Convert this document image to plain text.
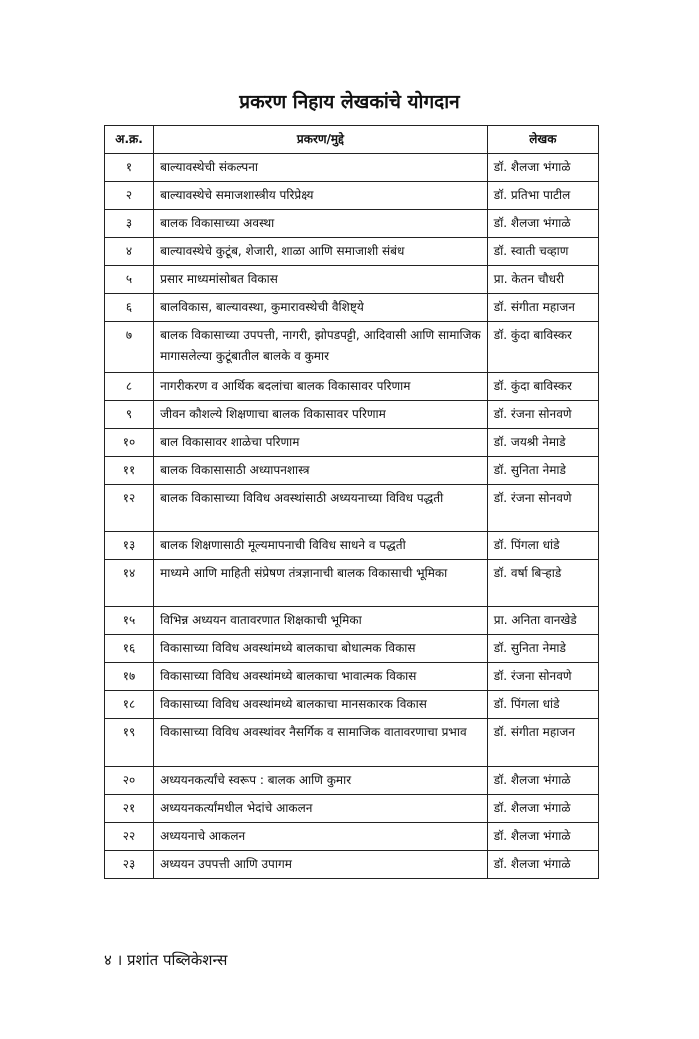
प्रकरण निहाय लेखकांचे योगदान
अ.क्र.	प्रकरण/मुद्दे	लेखक
१	बाल्यावस्थेची संकल्पना	डॉ. शैलजा भंगाळे
२	बाल्यावस्थेचे समाजशास्त्रीय परिप्रेक्ष्य	डॉ. प्रतिभा पाटील
३	बालक विकासाच्या अवस्था	डॉ. शैलजा भंगाळे
४	बाल्यावस्थेचे कुटूंब, शेजारी, शाळा आणि समाजाशी संबंध	डॉ. स्वाती चव्हाण
५	प्रसार माध्यमांसोबत विकास	प्रा. केतन चौधरी
६	बालविकास, बाल्यावस्था, कुमारावस्थेची वैशिष्ट्ये	डॉ. संगीता महाजन
७	बालक विकासाच्या उपपत्ती, नागरी, झोपडपट्टी, आदिवासी आणि सामाजिक मागासलेल्या कुटूंबातील बालके व कुमार	डॉ. कुंदा बाविस्कर
८	नागरीकरण व आर्थिक बदलांचा बालक विकासावर परिणाम	डॉ. कुंदा बाविस्कर
९	जीवन कौशल्ये शिक्षणाचा बालक विकासावर परिणाम	डॉ. रंजना सोनवणे
१०	बाल विकासावर शाळेचा परिणाम	डॉ. जयश्री नेमाडे
११	बालक विकासासाठी अध्यापनशास्त्र	डॉ. सुनिता नेमाडे
१२	बालक विकासाच्या विविध अवस्थांसाठी अध्ययनाच्या विविध पद्धती	डॉ. रंजना सोनवणे
१३	बालक शिक्षणासाठी मूल्यमापनाची विविध साधने व पद्धती	डॉ. पिंगला धांडे
१४	माध्यमे आणि माहिती संप्रेषण तंत्रज्ञानाची बालक विकासाची भूमिका	डॉ. वर्षा बिऱ्हाडे
१५	विभिन्न अध्ययन वातावरणात शिक्षकाची भूमिका	प्रा. अनिता वानखेडे
१६	विकासाच्या विविध अवस्थांमध्ये बालकाचा बोधात्मक विकास	डॉ. सुनिता नेमाडे
१७	विकासाच्या विविध अवस्थांमध्ये बालकाचा भावात्मक विकास	डॉ. रंजना सोनवणे
१८	विकासाच्या विविध अवस्थांमध्ये बालकाचा मानसकारक विकास	डॉ. पिंगला धांडे
१९	विकासाच्या विविध अवस्थांवर नैसर्गिक व सामाजिक वातावरणाचा प्रभाव	डॉ. संगीता महाजन
२०	अध्ययनकर्त्यांचे स्वरूप : बालक आणि कुमार	डॉ. शैलजा भंगाळे
२१	अध्ययनकर्त्यांमधील भेदांचे आकलन	डॉ. शैलजा भंगाळे
२२	अध्ययनाचे आकलन	डॉ. शैलजा भंगाळे
२३	अध्ययन उपपत्ती आणि उपागम	डॉ. शैलजा भंगाळे
४ । प्रशांत पब्लिकेशन्स
